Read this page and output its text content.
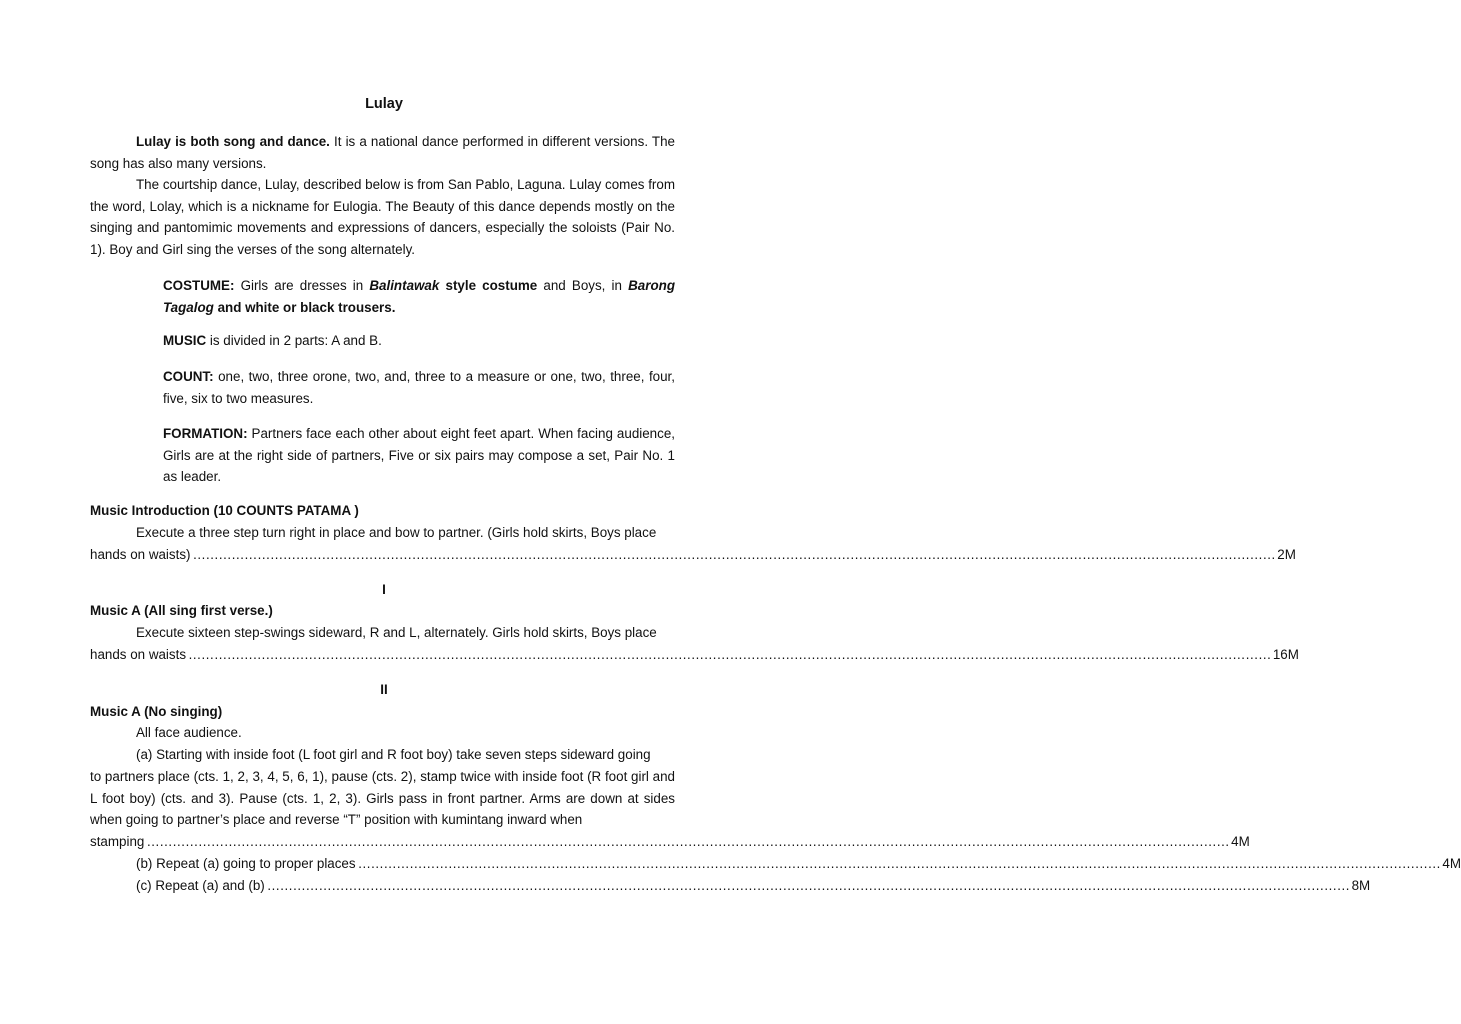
Lulay

Lulay is both song and dance. It is a national dance performed in different versions. The song has also many versions.

The courtship dance, Lulay, described below is from San Pablo, Laguna. Lulay comes from the word, Lolay, which is a nickname for Eulogia. The Beauty of this dance depends mostly on the singing and pantomimic movements and expressions of dancers, especially the soloists (Pair No. 1). Boy and Girl sing the verses of the song alternately.

COSTUME: Girls are dresses in Balintawak style costume and Boys, in Barong Tagalog and white or black trousers.

MUSIC is divided in 2 parts: A and B.

COUNT: one, two, three orone, two, and, three to a measure or one, two, three, four, five, six to two measures.

FORMATION: Partners face each other about eight feet apart. When facing audience, Girls are at the right side of partners, Five or six pairs may compose a set, Pair No. 1 as leader.

Music Introduction (10 COUNTS PATAMA )
Execute a three step turn right in place and bow to partner. (Girls hold skirts, Boys place
hands on waists) ……………………………………………………………………………………………………………………………………………………………………………………………………………………………… 2M
I
Music A (All sing first verse.)
Execute sixteen step-swings sideward, R and L, alternately. Girls hold skirts, Boys place
hands on waists ……………………………………………………………………………………………………………………………………………………………………………………………………………………………… 16M
II
Music A (No singing)
All face audience.
(a) Starting with inside foot (L foot girl and R foot boy) take seven steps sideward going

to partners place (cts. 1, 2, 3, 4, 5, 6, 1), pause (cts. 2), stamp twice with inside foot (R foot girl and L foot boy) (cts. and 3). Pause (cts. 1, 2, 3). Girls pass in front partner. Arms are down at sides when going to partner’s place and reverse “T” position with kumintang inward when

stamping ……………………………………………………………………………………………………………………………………………………………………………………………………………………………… 4M
(b) Repeat (a) going to proper places ……………………………………………………………………………………………………………………………………………………………………………………………………………………………… 4M
(c) Repeat (a) and (b) ……………………………………………………………………………………………………………………………………………………………………………………………………………………………… 8M
